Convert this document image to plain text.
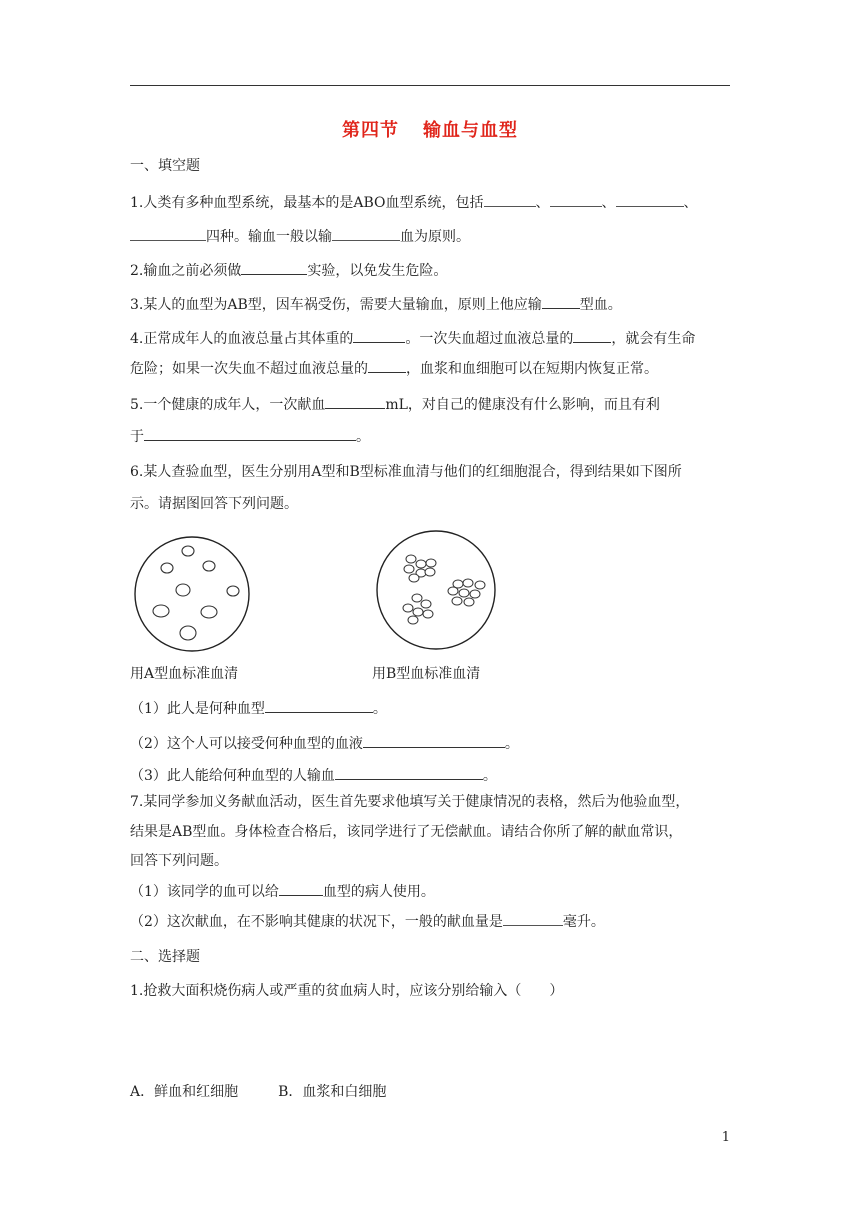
第四节 输血与血型
一、填空题
1.人类有多种血型系统，最基本的是ABO血型系统，包括	、	、	、
四种。输血一般以输	血为原则。
2.输血之前必须做	实验，以免发生危险。
3.某人的血型为AB型，因车祸受伤，需要大量输血，原则上他应输	型血。
4.正常成年人的血液总量占其体重的	。一次失血超过血液总量的	，就会有生命
危险；如果一次失血不超过血液总量的	，血浆和血细胞可以在短期内恢复正常。
5.一个健康的成年人，一次献血	mL，对自己的健康没有什么影响，而且有利
于	。
6.某人查验血型，医生分别用A型和B型标准血清与他们的红细胞混合，得到结果如下图所
示。请据图回答下列问题。
用A型血标准血清	用B型血标准血清
（1）此人是何种血型	。
（2）这个人可以接受何种血型的血液	。
（3）此人能给何种血型的人输血	。
7.某同学参加义务献血活动，医生首先要求他填写关于健康情况的表格，然后为他验血型，
结果是AB型血。身体检查合格后，该同学进行了无偿献血。请结合你所了解的献血常识，
回答下列问题。
（1）该同学的血可以给	血型的病人使用。
（2）这次献血，在不影响其健康的状况下，一般的献血量是	毫升。
二、选择题
1.抢救大面积烧伤病人或严重的贫血病人时，应该分别给输入（　　）
A．鲜血和红细胞	B．血浆和白细胞
1
